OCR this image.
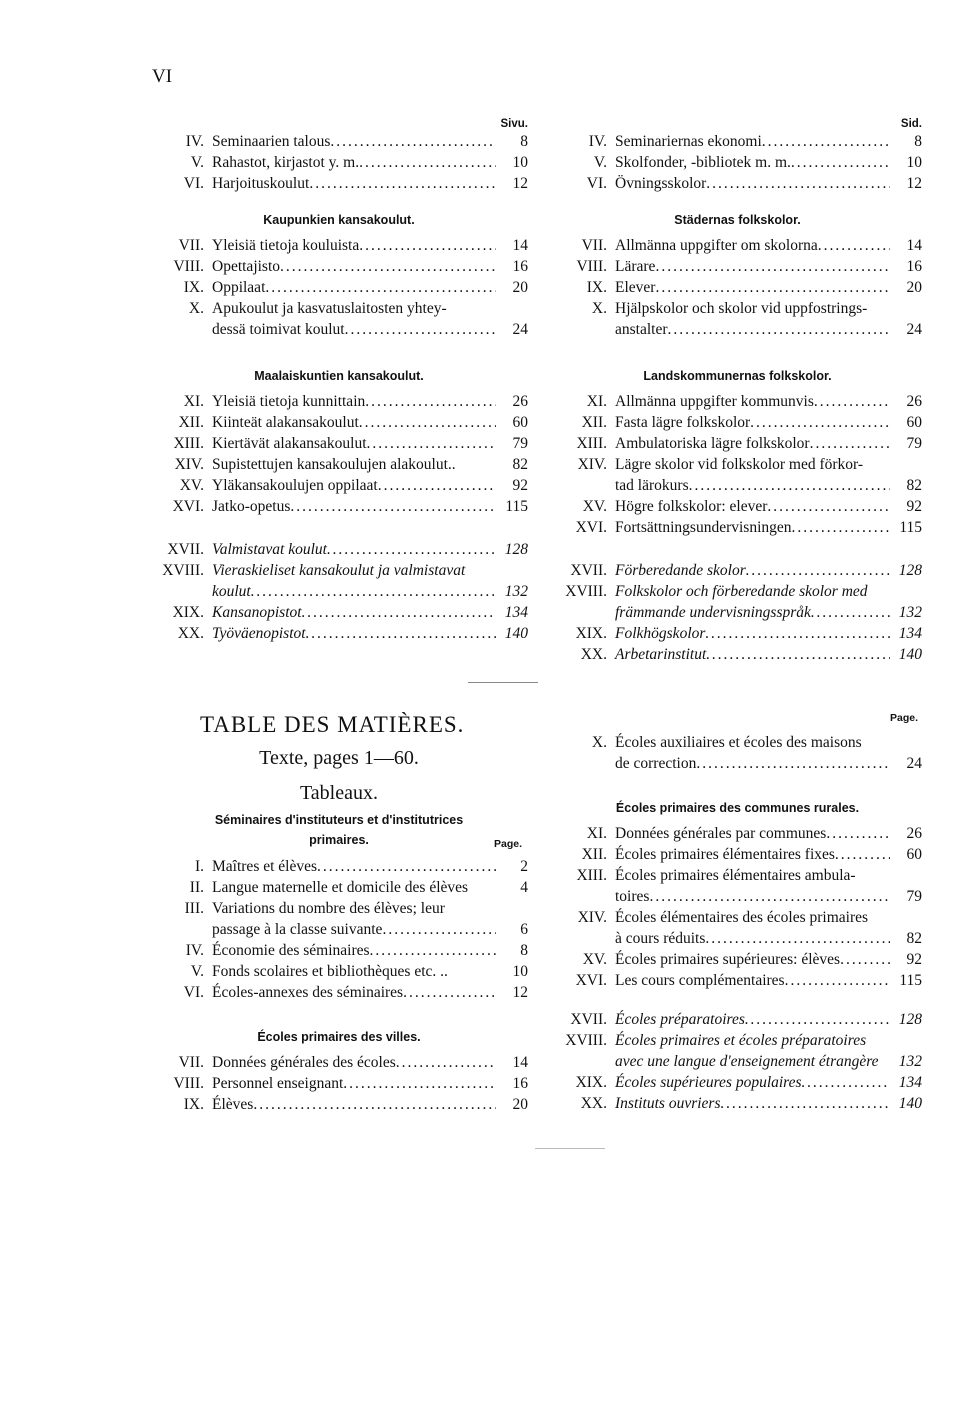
VI
Sivu.
IV. Seminaarien talous .....	8
V. Rahastot, kirjastot y. m. .....	10
VI. Harjoituskoulut .....	12
Kaupunkien kansakoulut.
VII. Yleisiä tietoja kouluista .....	14
VIII. Opettajisto .....	16
IX. Oppilaat .....	20
X. Apukoulut ja kasvatuslaitosten yhtey-
dessä toimivat koulut .....	24
Maalaiskuntien kansakoulut.
XI. Yleisiä tietoja kunnittain .....	26
XII. Kiinteät alakansakoulut .....	60
XIII. Kiertävät alakansakoulut .....	79
XIV. Supistettujen kansakoulujen alakoulut..	82
XV. Yläkansakoulujen oppilaat .....	92
XVI. Jatko-opetus .....	115
XVII. Valmistavat koulut .....	128
XVIII. Vieraskieliset kansakoulut ja valmistavat
koulut .....	132
XIX. Kansanopistot .....	134
XX. Työväenopistot .....	140
Sid.
IV. Seminariernas ekonomi .....	8
V. Skolfonder, -bibliotek m. m. .....	10
VI. Övningsskolor .....	12
Städernas folkskolor.
VII. Allmänna uppgifter om skolorna .....	14
VIII. Lärare .....	16
IX. Elever .....	20
X. Hjälpskolor och skolor vid uppfostrings-
anstalter .....	24
Landskommunernas folkskolor.
XI. Allmänna uppgifter kommunvis .....	26
XII. Fasta lägre folkskolor .....	60
XIII. Ambulatoriska lägre folkskolor .....	79
XIV. Lägre skolor vid folkskolor med förkor-
tad lärokurs .....	82
XV. Högre folkskolor: elever .....	92
XVI. Fortsättningsundervisningen .....	115
XVII. Förberedande skolor .....	128
XVIII. Folkskolor och förberedande skolor med
främmande undervisningsspråk .....	132
XIX. Folkhögskolor .....	134
XX. Arbetarinstitut .....	140
TABLE DES MATIÈRES.
Texte, pages 1—60.
Tableaux.
Séminaires d'instituteurs et d'institutrices
primaires.	Page.
Page.
I. Maîtres et élèves .....	2
II. Langue maternelle et domicile des élèves	4
III. Variations du nombre des élèves; leur
passage à la classe suivante .....	6
IV. Économie des séminaires .....	8
V. Fonds scolaires et bibliothèques etc. ..	10
VI. Écoles-annexes des séminaires .....	12
Écoles primaires des villes.
VII. Données générales des écoles .....	14
VIII. Personnel enseignant .....	16
IX. Élèves .....	20
X. Écoles auxiliaires et écoles des maisons
de correction .....	24
Écoles primaires des communes rurales.
XI. Données générales par communes .....	26
XII. Écoles primaires élémentaires fixes .....	60
XIII. Écoles primaires élémentaires ambula-
toires .....	79
XIV. Écoles élémentaires des écoles primaires
à cours réduits .....	82
XV. Écoles primaires supérieures: élèves .....	92
XVI. Les cours complémentaires .....	115
XVII. Écoles préparatoires .....	128
XVIII. Écoles primaires et écoles préparatoires
avec une langue d'enseignement étrangère	132
XIX. Écoles supérieures populaires .....	134
XX. Instituts ouvriers .....	140
